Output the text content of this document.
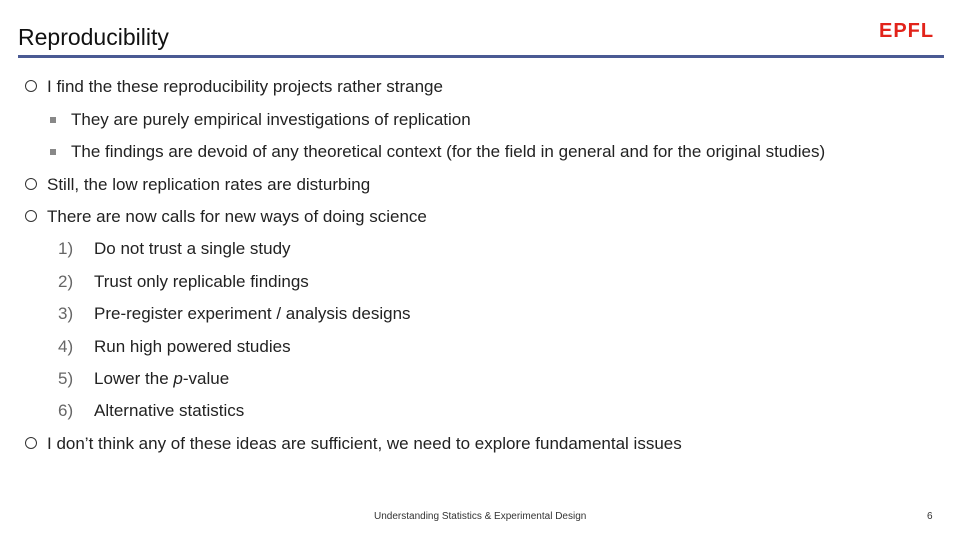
Reproducibility	EPFL
I find the these reproducibility projects rather strange
They are purely empirical investigations of replication
The findings are devoid of any theoretical context (for the field in general and for the original studies)
Still, the low replication rates are disturbing
There are now calls for new ways of doing science
1) Do not trust a single study
2) Trust only replicable findings
3) Pre-register experiment / analysis designs
4) Run high powered studies
5) Lower the p-value
6) Alternative statistics
I don’t think any of these ideas are sufficient, we need to explore fundamental issues
Understanding Statistics & Experimental Design	6
